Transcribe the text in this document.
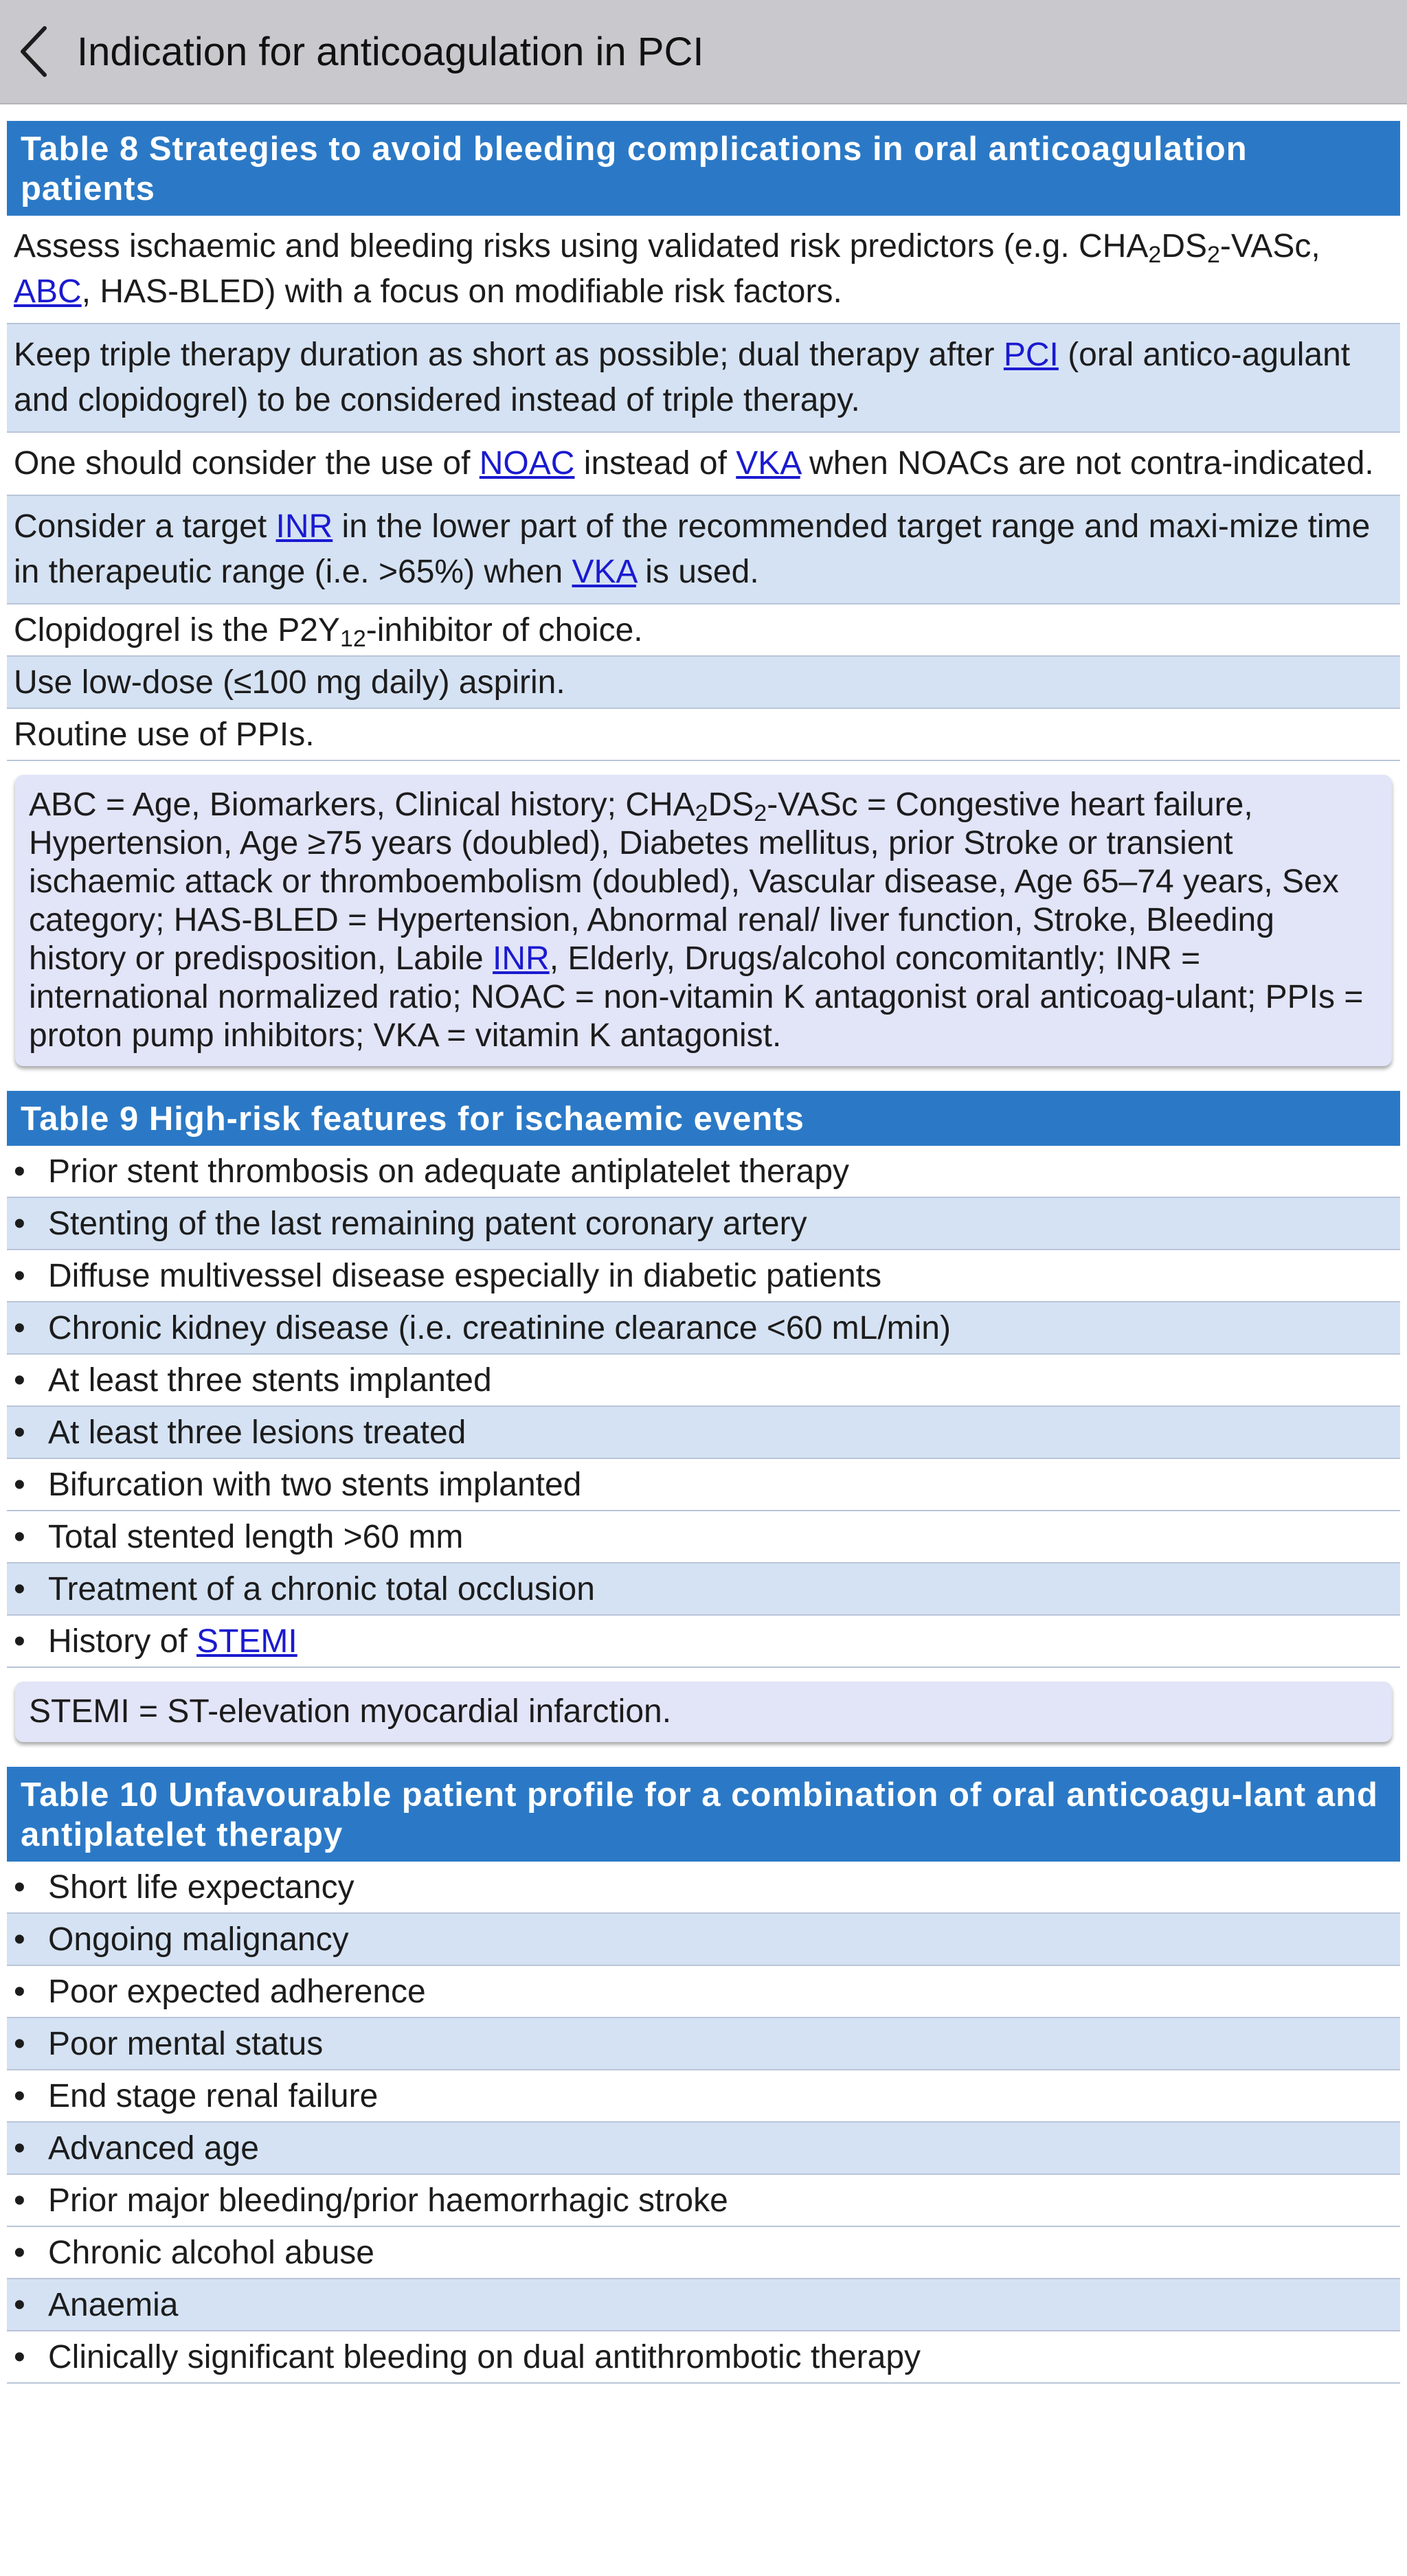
Indication for anticoagulation in PCI
Table 8 Strategies to avoid bleeding complications in oral anticoagulation patients
Assess ischaemic and bleeding risks using validated risk predictors (e.g. $CHA_2DS_2$-VASc, ABC, HAS-BLED) with a focus on modifiable risk factors.
Keep triple therapy duration as short as possible; dual therapy after PCI (oral antico-agulant and clopidogrel) to be considered instead of triple therapy.
One should consider the use of NOAC instead of VKA when NOACs are not contra-indicated.
Consider a target INR in the lower part of the recommended target range and maxi-mize time in therapeutic range (i.e. >65%) when VKA is used.
Clopidogrel is the $P2Y_{12}$-inhibitor of choice.
Use low-dose (≤100 mg daily) aspirin.
Routine use of PPIs.
ABC = Age, Biomarkers, Clinical history; $CHA_2DS_2$-VASc = Congestive heart failure, Hypertension, Age ≥75 years (doubled), Diabetes mellitus, prior Stroke or transient ischaemic attack or thromboembolism (doubled), Vascular disease, Age 65–74 years, Sex category; HAS-BLED = Hypertension, Abnormal renal/ liver function, Stroke, Bleeding history or predisposition, Labile INR, Elderly, Drugs/alcohol concomitantly; INR = international normalized ratio; NOAC = non-vitamin K antagonist oral anticoag-ulant; PPIs = proton pump inhibitors; VKA = vitamin K antagonist.
Table 9 High-risk features for ischaemic events
• Prior stent thrombosis on adequate antiplatelet therapy
• Stenting of the last remaining patent coronary artery
• Diffuse multivessel disease especially in diabetic patients
• Chronic kidney disease (i.e. creatinine clearance <60 mL/min)
• At least three stents implanted
• At least three lesions treated
• Bifurcation with two stents implanted
• Total stented length >60 mm
• Treatment of a chronic total occlusion
• History of STEMI
STEMI = ST-elevation myocardial infarction.
Table 10 Unfavourable patient profile for a combination of oral anticoagu-lant and antiplatelet therapy
• Short life expectancy
• Ongoing malignancy
• Poor expected adherence
• Poor mental status
• End stage renal failure
• Advanced age
• Prior major bleeding/prior haemorrhagic stroke
• Chronic alcohol abuse
• Anaemia
• Clinically significant bleeding on dual antithrombotic therapy
